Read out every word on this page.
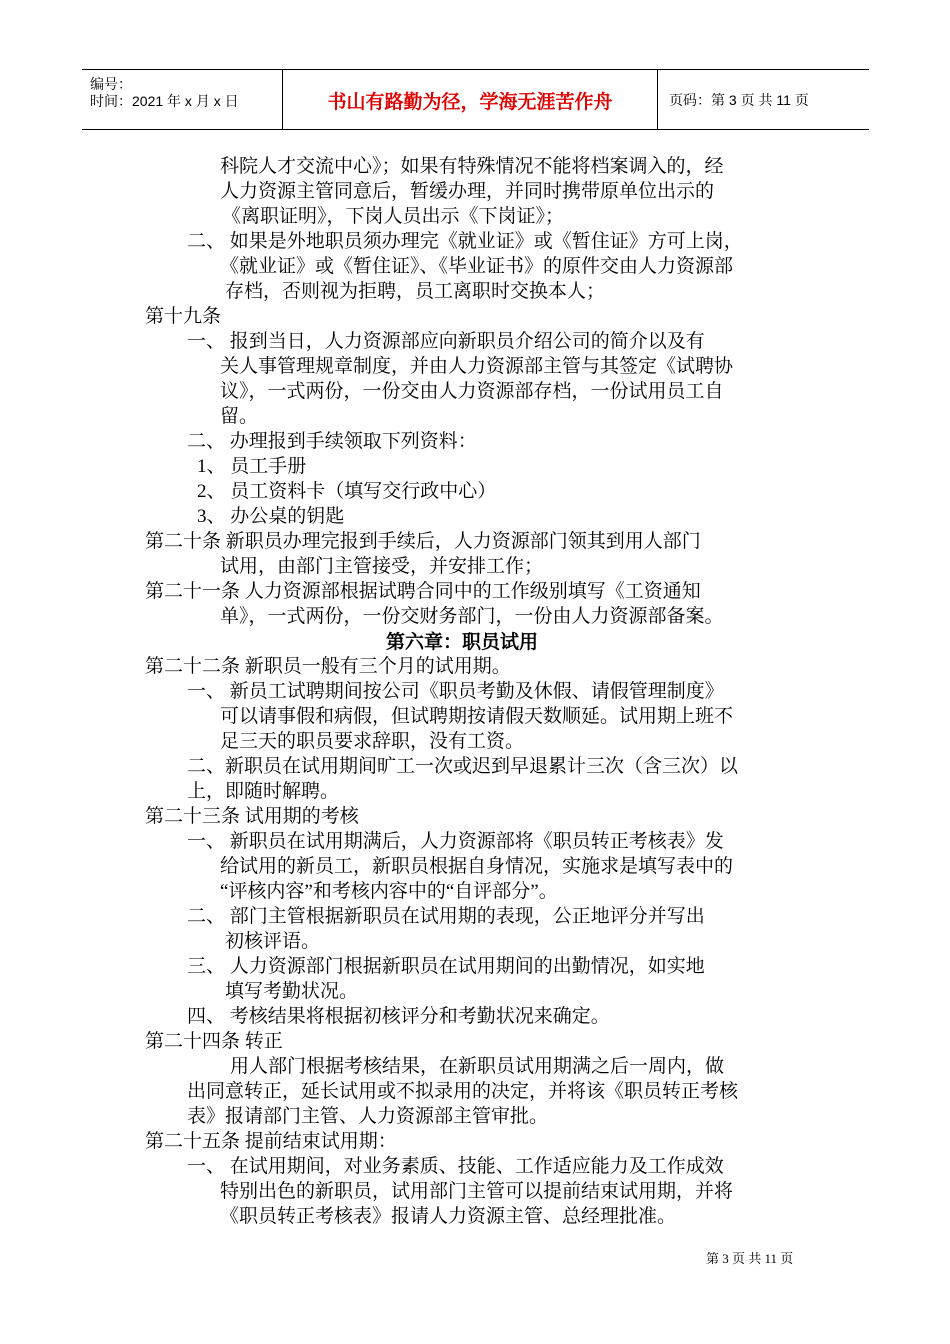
编号：
时间：2021 年 x 月 x 日	书山有路勤为径，学海无涯苦作舟	页码：第 3 页 共 11 页
科院人才交流中心》；如果有特殊情况不能将档案调入的，经
人力资源主管同意后，暂缓办理，并同时携带原单位出示的
《离职证明》，下岗人员出示《下岗证》；
二、 如果是外地职员须办理完《就业证》或《暂住证》方可上岗，
《就业证》或《暂住证》、《毕业证书》的原件交由人力资源部
存档，否则视为拒聘，员工离职时交换本人；
第十九条
一、 报到当日，人力资源部应向新职员介绍公司的简介以及有
关人事管理规章制度，并由人力资源部主管与其签定《试聘协
议》，一式两份，一份交由人力资源部存档，一份试用员工自
留。
二、 办理报到手续领取下列资料：
1、 员工手册
2、 员工资料卡（填写交行政中心）
3、 办公桌的钥匙
第二十条 新职员办理完报到手续后，人力资源部门领其到用人部门
试用，由部门主管接受，并安排工作；
第二十一条 人力资源部根据试聘合同中的工作级别填写《工资通知
单》，一式两份，一份交财务部门，一份由人力资源部备案。
第六章：职员试用
第二十二条 新职员一般有三个月的试用期。
一、 新员工试聘期间按公司《职员考勤及休假、请假管理制度》
可以请事假和病假，但试聘期按请假天数顺延。试用期上班不
足三天的职员要求辞职，没有工资。
二、新职员在试用期间旷工一次或迟到早退累计三次（含三次）以
上，即随时解聘。
第二十三条 试用期的考核
一、 新职员在试用期满后，人力资源部将《职员转正考核表》发
给试用的新员工，新职员根据自身情况，实施求是填写表中的
“评核内容”和考核内容中的“自评部分”。
二、 部门主管根据新职员在试用期的表现，公正地评分并写出
初核评语。
三、 人力资源部门根据新职员在试用期间的出勤情况，如实地
填写考勤状况。
四、 考核结果将根据初核评分和考勤状况来确定。
第二十四条 转正
用人部门根据考核结果，在新职员试用期满之后一周内，做
出同意转正，延长试用或不拟录用的决定，并将该《职员转正考核
表》报请部门主管、人力资源部主管审批。
第二十五条 提前结束试用期：
一、 在试用期间，对业务素质、技能、工作适应能力及工作成效
特别出色的新职员，试用部门主管可以提前结束试用期，并将
《职员转正考核表》报请人力资源主管、总经理批准。
第 3 页 共 11 页
